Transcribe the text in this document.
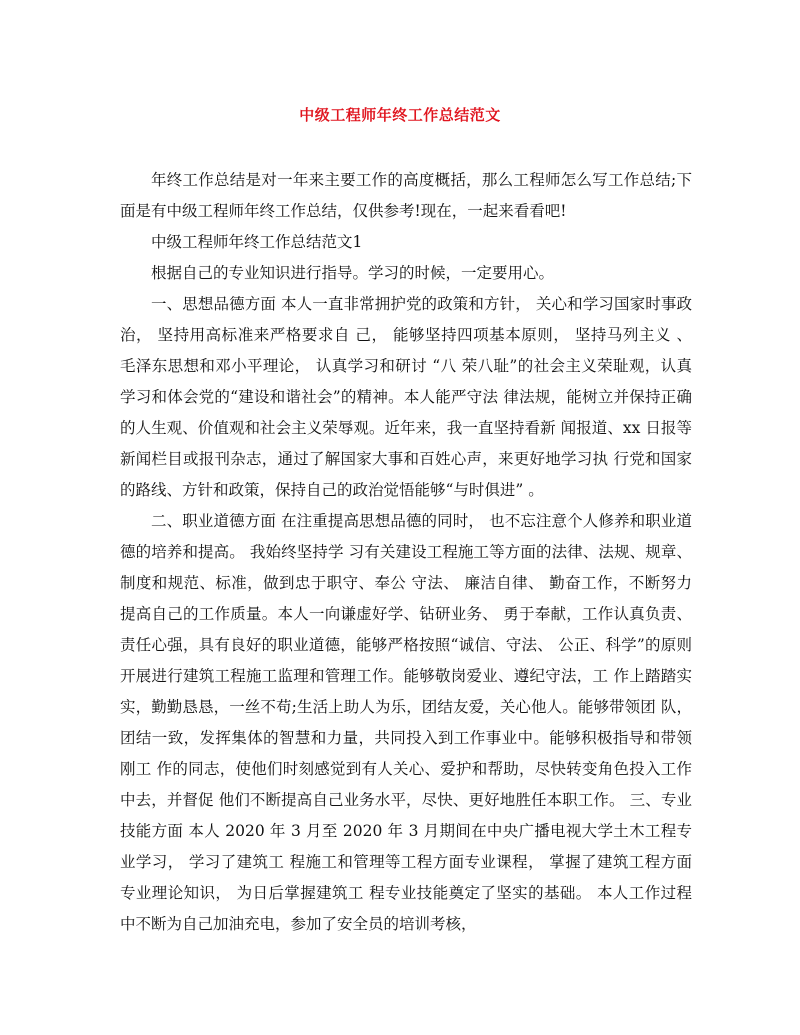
中级工程师年终工作总结范文

年终工作总结是对一年来主要工作的高度概括，那么工程师怎么写工作总结;下面是有中级工程师年终工作总结，仅供参考!现在，一起来看看吧!

中级工程师年终工作总结范文1

根据自己的专业知识进行指导。学习的时候，一定要用心。

一、思想品德方面 本人一直非常拥护党的政策和方针， 关心和学习国家时事政治， 坚持用高标准来严格要求自 己， 能够坚持四项基本原则， 坚持马列主义 、 毛泽东思想和邓小平理论， 认真学习和研讨 “八 荣八耻”的社会主义荣耻观，认真学习和体会党的“建设和谐社会”的精神。本人能严守法 律法规，能树立并保持正确的人生观、价值观和社会主义荣辱观。近年来，我一直坚持看新 闻报道、xx 日报等新闻栏目或报刊杂志，通过了解国家大事和百姓心声，来更好地学习执 行党和国家的路线、方针和政策，保持自己的政治觉悟能够“与时俱进” 。

二、职业道德方面 在注重提高思想品德的同时， 也不忘注意个人修养和职业道德的培养和提高。 我始终坚持学 习有关建设工程施工等方面的法律、法规、规章、制度和规范、标准，做到忠于职守、奉公 守法、 廉洁自律、 勤奋工作，不断努力提高自己的工作质量。本人一向谦虚好学、钻研业务、 勇于奉献，工作认真负责、责任心强，具有良好的职业道德，能够严格按照“诚信、守法、 公正、科学”的原则开展进行建筑工程施工监理和管理工作。能够敬岗爱业、遵纪守法，工 作上踏踏实实，勤勤恳恳，一丝不苟;生活上助人为乐，团结友爱，关心他人。能够带领团 队，团结一致，发挥集体的智慧和力量，共同投入到工作事业中。能够积极指导和带领刚工 作的同志，使他们时刻感觉到有人关心、爱护和帮助，尽快转变角色投入工作中去，并督促 他们不断提高自己业务水平，尽快、更好地胜任本职工作。 三、专业技能方面 本人 2020 年 3 月至 2020 年 3 月期间在中央广播电视大学土木工程专业学习， 学习了建筑工 程施工和管理等工程方面专业课程， 掌握了建筑工程方面专业理论知识， 为日后掌握建筑工 程专业技能奠定了坚实的基础。 本人工作过程中不断为自己加油充电，参加了安全员的培训考核，
